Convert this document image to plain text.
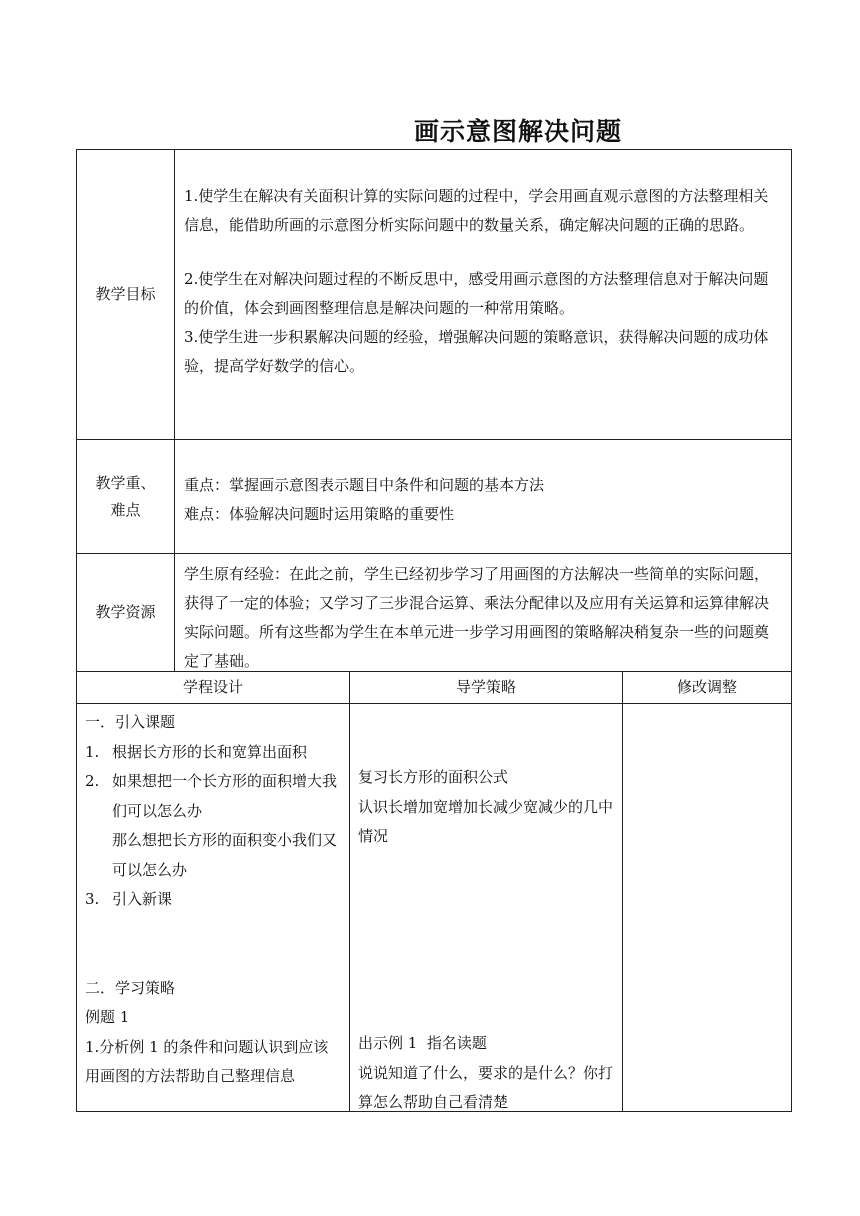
画示意图解决问题
教学目标

1.使学生在解决有关面积计算的实际问题的过程中，学会用画直观示意图的方法整理相关信息，能借助所画的示意图分析实际问题中的数量关系，确定解决问题的正确的思路。

2.使学生在对解决问题过程的不断反思中，感受用画示意图的方法整理信息对于解决问题的价值，体会到画图整理信息是解决问题的一种常用策略。

3.使学生进一步积累解决问题的经验，增强解决问题的策略意识，获得解决问题的成功体验，提高学好数学的信心。

教学重、
难点
重点：掌握画示意图表示题目中条件和问题的基本方法
难点：体验解决问题时运用策略的重要性
教学资源
学生原有经验：在此之前，学生已经初步学习了用画图的方法解决一些简单的实际问题，获得了一定的体验；又学习了三步混合运算、乘法分配律以及应用有关运算和运算律解决实际问题。所有这些都为学生在本单元进一步学习用画图的策略解决稍复杂一些的问题奠定了基础。
学程设计	导学策略	修改调整
一．引入课题
1. 根据长方形的长和宽算出面积
2. 如果想把一个长方形的面积增大我们可以怎么办
那么想把长方形的面积变小我们又可以怎么办
3. 引入新课
二．学习策略
例题 1
1.分析例 1 的条件和问题认识到应该用画图的方法帮助自己整理信息
复习长方形的面积公式
认识长增加宽增加长减少宽减少的几中情况
出示例 1  指名读题
说说知道了什么，要求的是什么？你打算怎么帮助自己看清楚
